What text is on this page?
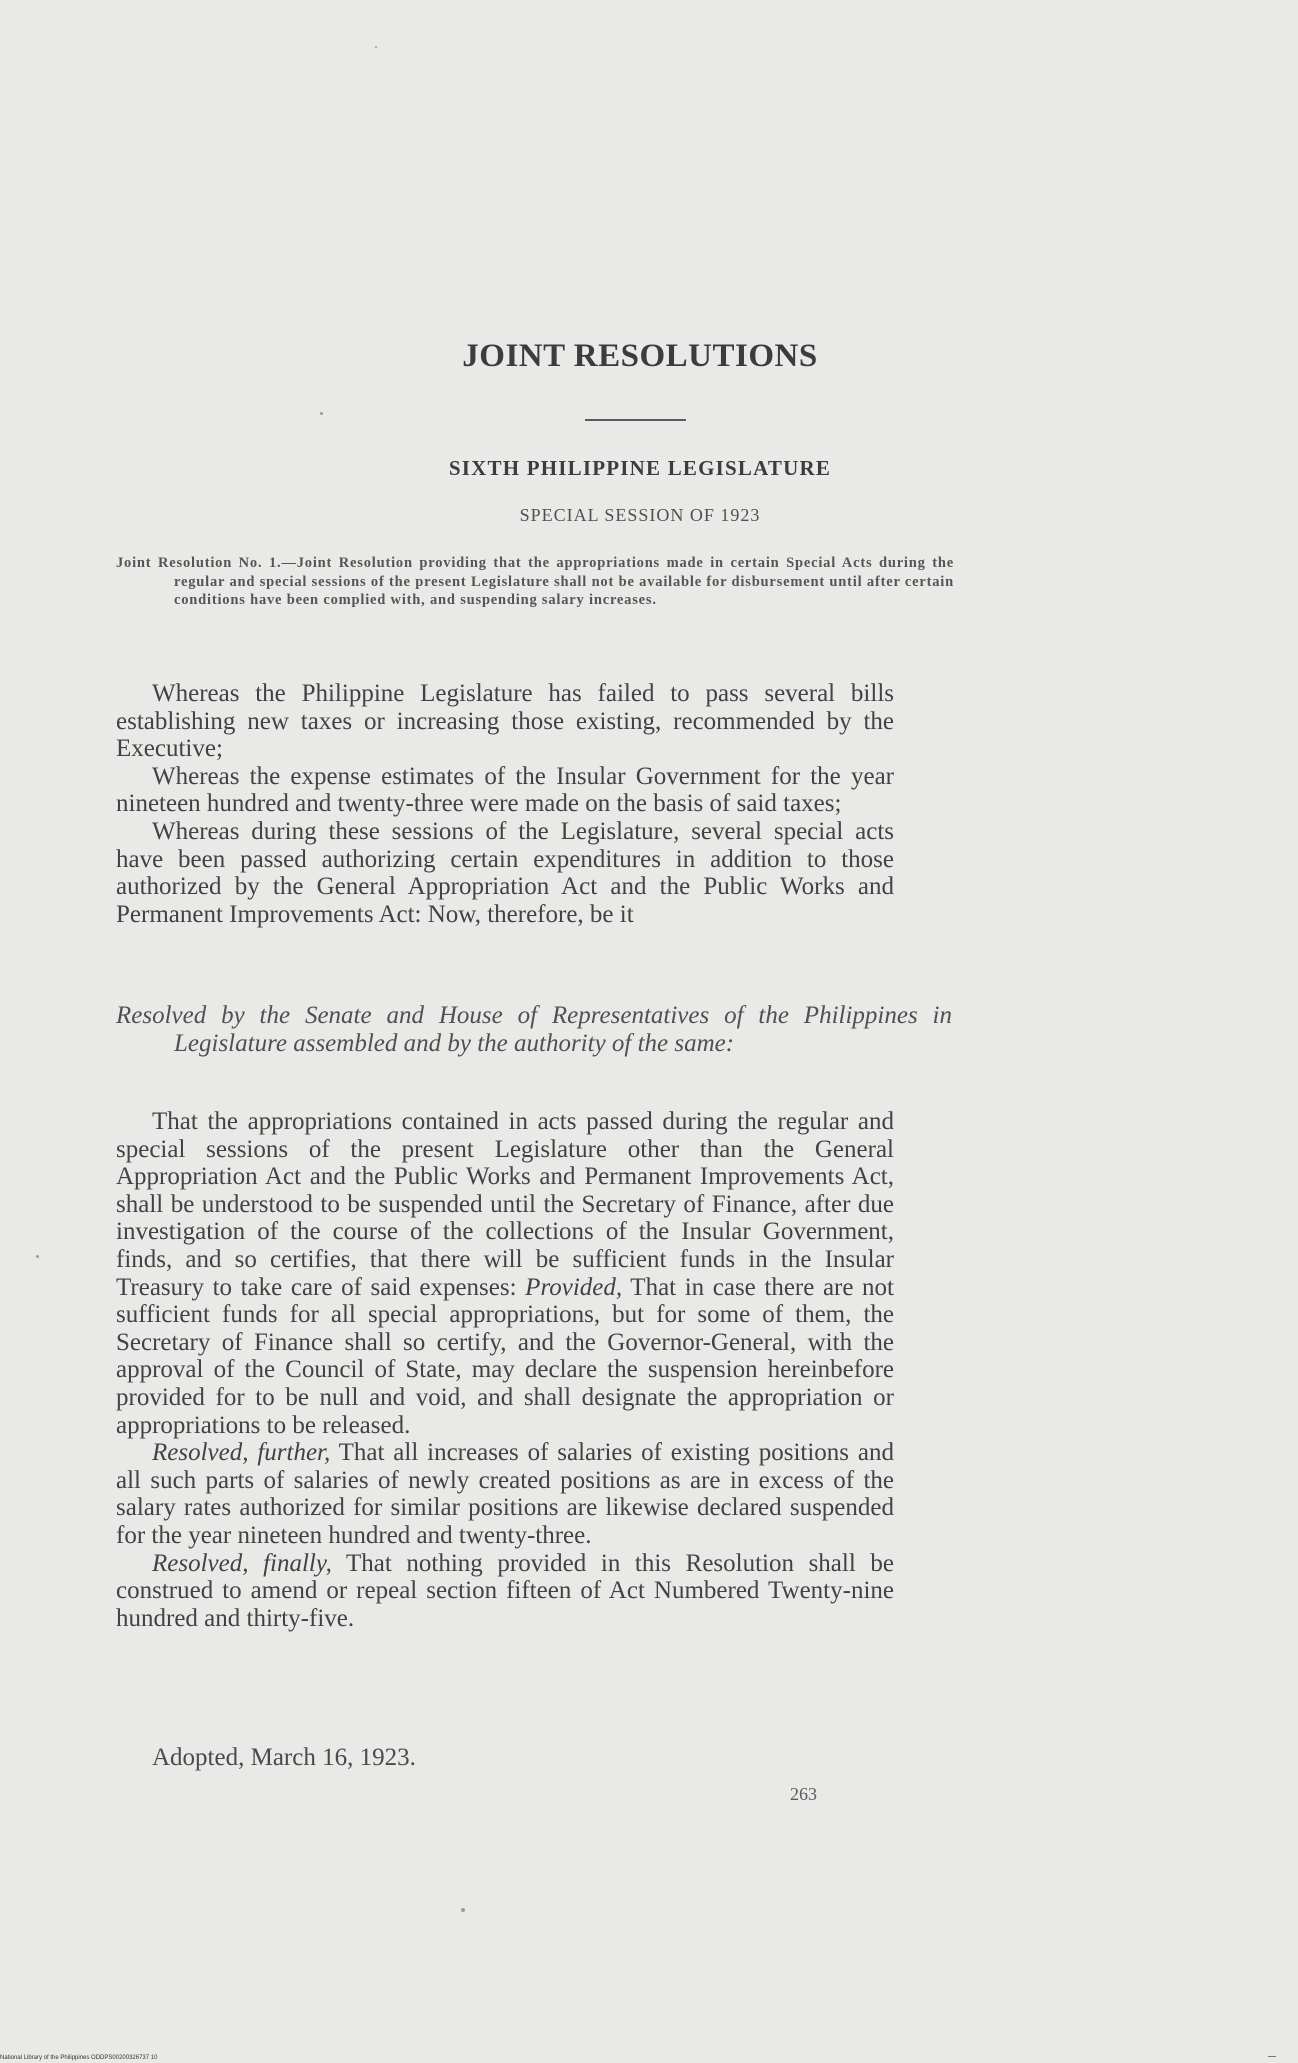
JOINT RESOLUTIONS
SIXTH PHILIPPINE LEGISLATURE
SPECIAL SESSION OF 1923
Joint Resolution No. 1.—Joint Resolution providing that the appropriations made in certain Special Acts during the regular and special sessions of the present Legislature shall not be available for disbursement until after certain conditions have been complied with, and suspending salary increases.

Whereas the Philippine Legislature has failed to pass several bills establishing new taxes or increasing those existing, recommended by the Executive;

Whereas the expense estimates of the Insular Government for the year nineteen hundred and twenty-three were made on the basis of said taxes;

Whereas during these sessions of the Legislature, several special acts have been passed authorizing certain expenditures in addition to those authorized by the General Appropriation Act and the Public Works and Permanent Improvements Act: Now, therefore, be it

Resolved by the Senate and House of Representatives of the Philippines in Legislature assembled and by the authority of the same:

That the appropriations contained in acts passed during the regular and special sessions of the present Legislature other than the General Appropriation Act and the Public Works and Permanent Improvements Act, shall be understood to be suspended until the Secretary of Finance, after due investigation of the course of the collections of the Insular Government, finds, and so certifies, that there will be sufficient funds in the Insular Treasury to take care of said expenses: Provided, That in case there are not sufficient funds for all special appropriations, but for some of them, the Secretary of Finance shall so certify, and the Governor-General, with the approval of the Council of State, may declare the suspension hereinbefore provided for to be null and void, and shall designate the appropriation or appropriations to be released.

Resolved, further, That all increases of salaries of existing positions and all such parts of salaries of newly created positions as are in excess of the salary rates authorized for similar positions are likewise declared suspended for the year nineteen hundred and twenty-three.

Resolved, finally, That nothing provided in this Resolution shall be construed to amend or repeal section fifteen of Act Numbered Twenty-nine hundred and thirty-five.

Adopted, March 16, 1923.
263
National Library of the Philippines ODDPS00200326737 10
